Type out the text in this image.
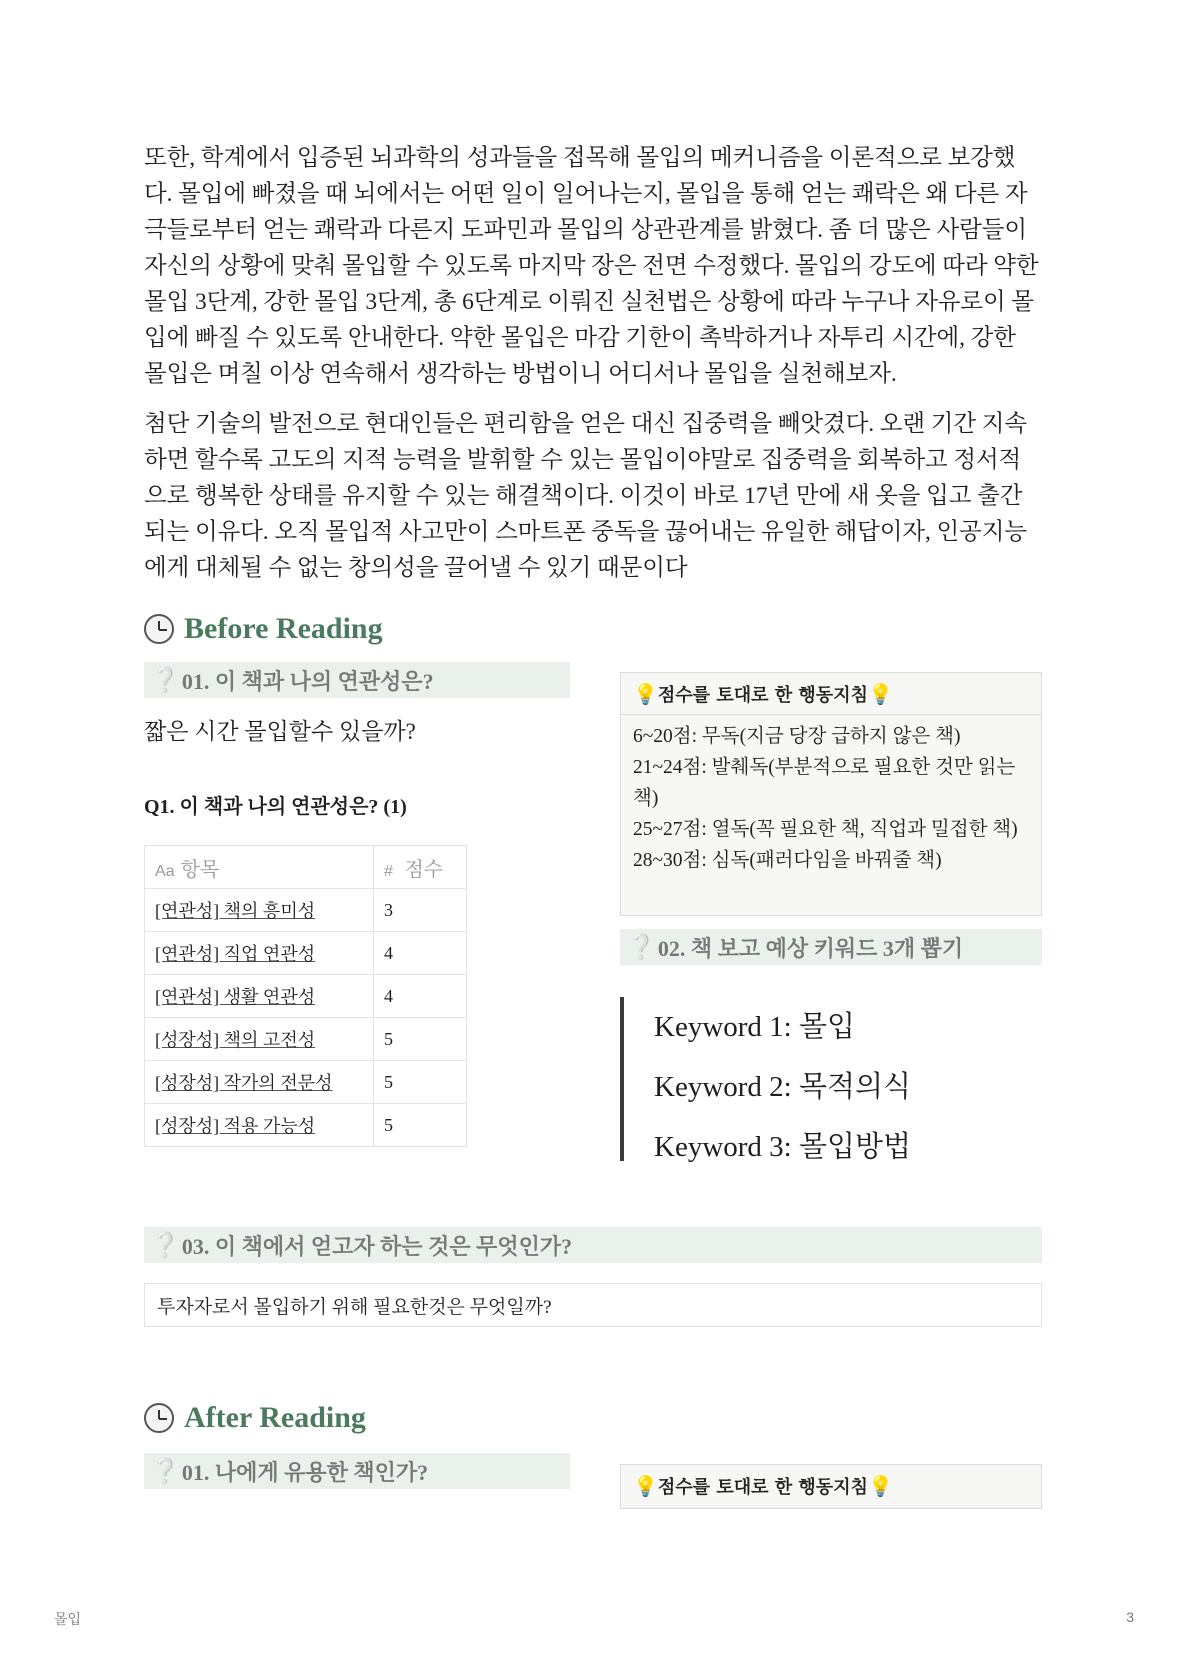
또한, 학계에서 입증된 뇌과학의 성과들을 접목해 몰입의 메커니즘을 이론적으로 보강했다. 몰입에 빠졌을 때 뇌에서는 어떤 일이 일어나는지, 몰입을 통해 얻는 쾌락은 왜 다른 자극들로부터 얻는 쾌락과 다른지 도파민과 몰입의 상관관계를 밝혔다. 좀 더 많은 사람들이 자신의 상황에 맞춰 몰입할 수 있도록 마지막 장은 전면 수정했다. 몰입의 강도에 따라 약한 몰입 3단계, 강한 몰입 3단계, 총 6단계로 이뤄진 실천법은 상황에 따라 누구나 자유로이 몰입에 빠질 수 있도록 안내한다. 약한 몰입은 마감 기한이 촉박하거나 자투리 시간에, 강한 몰입은 며칠 이상 연속해서 생각하는 방법이니 어디서나 몰입을 실천해보자.

첨단 기술의 발전으로 현대인들은 편리함을 얻은 대신 집중력을 빼앗겼다. 오랜 기간 지속하면 할수록 고도의 지적 능력을 발휘할 수 있는 몰입이야말로 집중력을 회복하고 정서적으로 행복한 상태를 유지할 수 있는 해결책이다. 이것이 바로 17년 만에 새 옷을 입고 출간되는 이유다. 오직 몰입적 사고만이 스마트폰 중독을 끊어내는 유일한 해답이자, 인공지능에게 대체될 수 없는 창의성을 끌어낼 수 있기 때문이다

Before Reading
❔ 01. 이 책과 나의 연관성은?
짧은 시간 몰입할수 있을까?
Q1. 이 책과 나의 연관성은? (1)
Aa 항목	# 점수
[연관성] 책의 흥미성	3
[연관성] 직업 연관성	4
[연관성] 생활 연관성	4
[성장성] 책의 고전성	5
[성장성] 작가의 전문성	5
[성장성] 적용 가능성	5
💡 점수를 토대로 한 행동지침 💡
6~20점: 무독(지금 당장 급하지 않은 책)
21~24점: 발췌독(부분적으로 필요한 것만 읽는 책)
25~27점: 열독(꼭 필요한 책, 직업과 밀접한 책)
28~30점: 심독(패러다임을 바꿔줄 책)
❔ 02. 책 보고 예상 키워드 3개 뽑기
Keyword 1: 몰입
Keyword 2: 목적의식
Keyword 3: 몰입방법
❔ 03. 이 책에서 얻고자 하는 것은 무엇인가?
투자자로서 몰입하기 위해 필요한것은 무엇일까?
After Reading
❔ 01. 나에게 유용한 책인가?
💡 점수를 토대로 한 행동지침 💡
몰입	3
